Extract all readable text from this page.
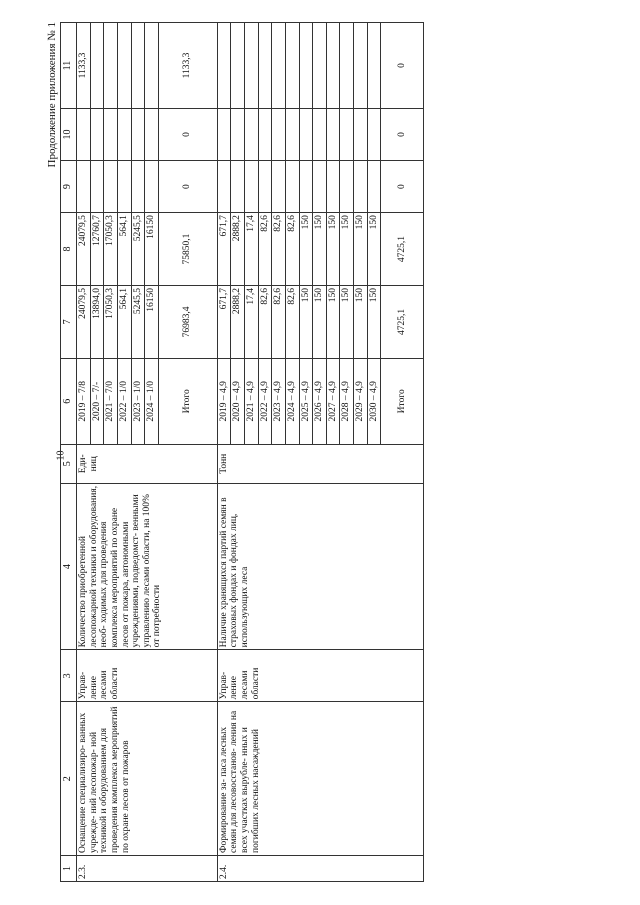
10
Продолжение приложения № 1
1	2	3	4	5	6	7	8	9	10	11
2.3.	Оснащение специализиро- ванных учрежде- ний лесопожар- ной техникой и оборудованием для проведения комплекса мероприятий по охране лесов от пожаров	Управ- ление лесами области	Количество приобретенной лесопожарной техники и оборудования, необ- ходимых для проведения комплекса мероприятий по охране лесов от пожара, автономными учреждениями, подведомст- венными управлению лесами области, на 100% от потребности	Еди- ниц	2019 – 7/8	24079,5	24079,5			1133,3
					2020 – 7/-	13894,0	12760,7			
					2021 – 7/0	17050,3	17050,3			
					2022 – 1/0	564,1	564,1			
					2023 – 1/0	5245,5	5245,5			
					2024 – 1/0	16150	16150			
					Итого	76983,4	75850,1	0	0	1133,3
2.4.	Формирование за- паса лесных семян для лесовосстанов- ления на всех участках вырубле- нных и погибших лесных насаждений	Управ- ление лесами области	Наличие хранящихся партий семян в страховых фондах и фондах лиц, использующих леса	Тонн	2019 – 4,9	671,7	671,7			
					2020 – 4,9	2888,2	2888,2			
					2021 – 4,9	17,4	17,4			
					2022 – 4,9	82,6	82,6			
					2023 – 4,9	82,6	82,6			
					2024 – 4,9	82,6	82,6			
					2025 – 4,9	150	150			
					2026 – 4,9	150	150			
					2027 – 4,9	150	150			
					2028 – 4,9	150	150			
					2029 – 4,9	150	150			
					2030 – 4,9	150	150			
					Итого	4725,1	4725,1	0	0	0
